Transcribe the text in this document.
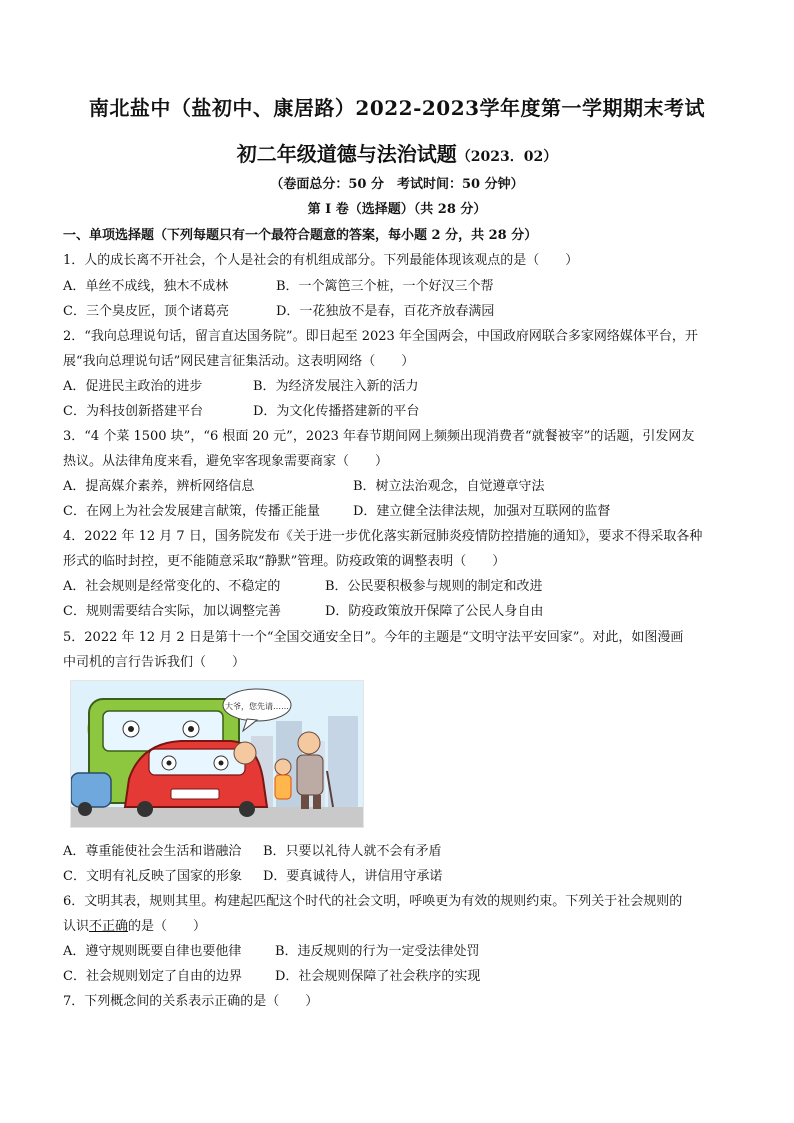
南北盐中（盐初中、康居路）2022-2023学年度第一学期期末考试
初二年级道德与法治试题（2023．02）
（卷面总分：50 分　考试时间：50 分钟）
第 I 卷（选择题）（共 28 分）
一、单项选择题（下列每题只有一个最符合题意的答案，每小题 2 分，共 28 分）
1．人的成长离不开社会，个人是社会的有机组成部分。下列最能体现该观点的是（　　）
A．单丝不成线，独木不成林	B．一个篱笆三个桩，一个好汉三个帮
C．三个臭皮匠，顶个诸葛亮	D．一花独放不是春，百花齐放春满园
2．“我向总理说句话，留言直达国务院”。即日起至 2023 年全国两会，中国政府网联合多家网络媒体平台，开
展“我向总理说句话”网民建言征集活动。这表明网络（　　）
A．促进民主政治的进步	B．为经济发展注入新的活力
C．为科技创新搭建平台	D．为文化传播搭建新的平台
3．“4 个菜 1500 块”，“6 根面 20 元”，2023 年春节期间网上频频出现消费者“就餐被宰”的话题，引发网友
热议。从法律角度来看，避免宰客现象需要商家（　　）
A．提高媒介素养，辨析网络信息	B．树立法治观念，自觉遵章守法
C．在网上为社会发展建言献策，传播正能量	D．建立健全法律法规，加强对互联网的监督
4．2022 年 12 月 7 日，国务院发布《关于进一步优化落实新冠肺炎疫情防控措施的通知》，要求不得采取各种
形式的临时封控，更不能随意采取“静默”管理。防疫政策的调整表明（　　）
A．社会规则是经常变化的、不稳定的	B．公民要积极参与规则的制定和改进
C．规则需要结合实际，加以调整完善	D．防疫政策放开保障了公民人身自由
5．2022 年 12 月 2 日是第十一个“全国交通安全日”。今年的主题是“文明守法平安回家”。对此，如图漫画
中司机的言行告诉我们（　　）
大爷，您先请……
A．尊重能使社会生活和谐融洽 B．只要以礼待人就不会有矛盾
C．文明有礼反映了国家的形象 D．要真诚待人，讲信用守承诺
6．文明其表，规则其里。构建起匹配这个时代的社会文明，呼唤更为有效的规则约束。下列关于社会规则的
认识不正确的是（　　）
A．遵守规则既要自律也要他律	B．违反规则的行为一定受法律处罚
C．社会规则划定了自由的边界	D．社会规则保障了社会秩序的实现
7．下列概念间的关系表示正确的是（　　）
